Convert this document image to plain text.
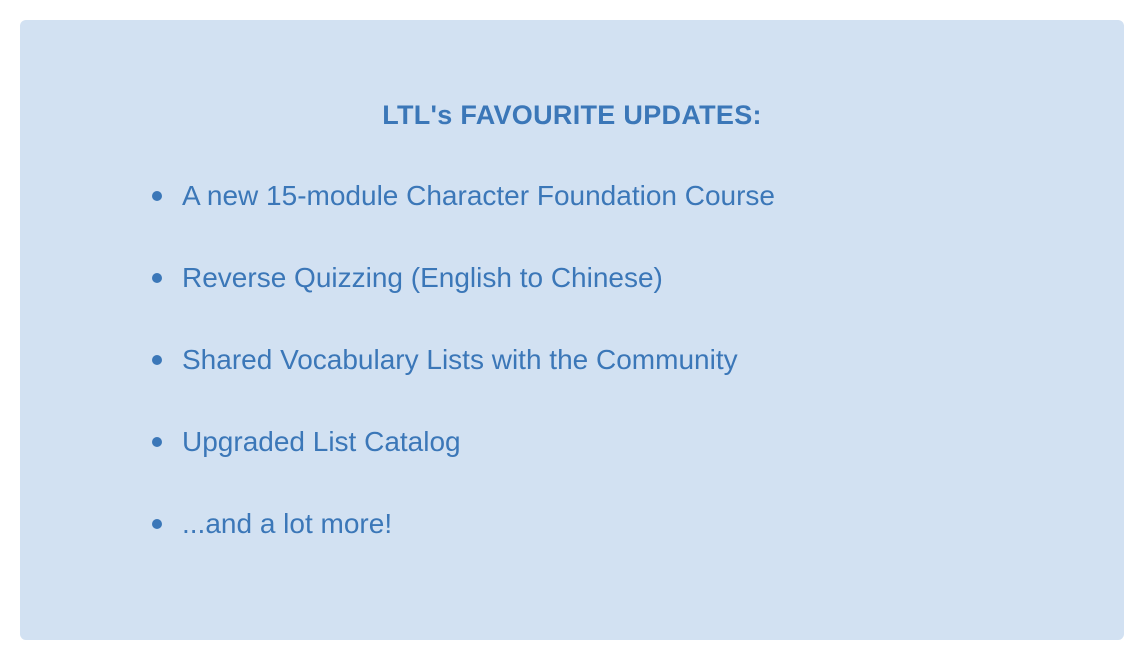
LTL's FAVOURITE UPDATES:
A new 15-module Character Foundation Course
Reverse Quizzing (English to Chinese)
Shared Vocabulary Lists with the Community
Upgraded List Catalog
...and a lot more!
